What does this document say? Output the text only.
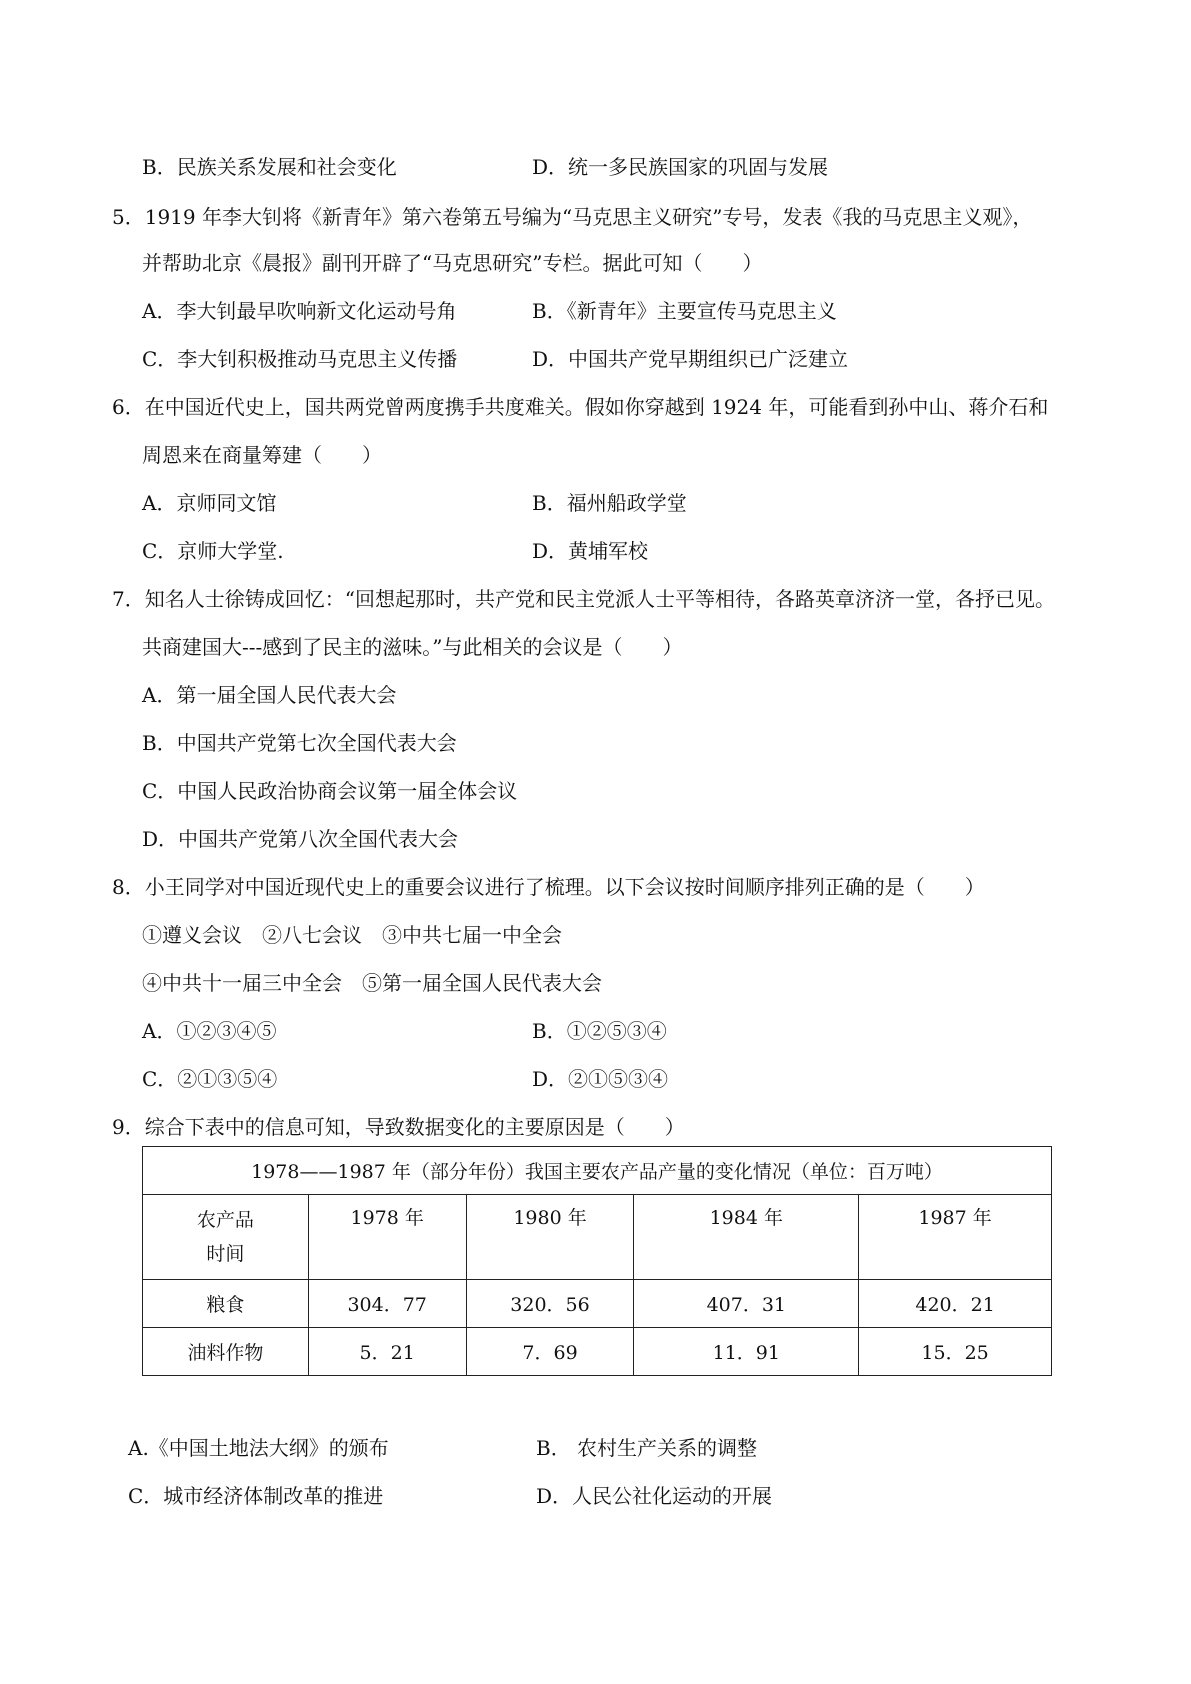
B．民族关系发展和社会变化	D．统一多民族国家的巩固与发展
5．1919 年李大钊将《新青年》第六卷第五号编为“马克思主义研究”专号，发表《我的马克思主义观》，
并帮助北京《晨报》副刊开辟了“马克思研究”专栏。据此可知（　　）
A．李大钊最早吹响新文化运动号角	B．《新青年》主要宣传马克思主义
C．李大钊积极推动马克思主义传播	D．中国共产党早期组织已广泛建立
6．在中国近代史上，国共两党曾两度携手共度难关。假如你穿越到 1924 年，可能看到孙中山、蒋介石和
周恩来在商量筹建（　　）
A．京师同文馆	B．福州船政学堂
C．京师大学堂.	D．黄埔军校
7．知名人士徐铸成回忆：“回想起那时，共产党和民主党派人士平等相待，各路英章济济一堂，各抒已见。
共商建国大---感到了民主的滋味。”与此相关的会议是（　　）
A．第一届全国人民代表大会
B．中国共产党第七次全国代表大会
C．中国人民政治协商会议第一届全体会议
D．中国共产党第八次全国代表大会
8．小王同学对中国近现代史上的重要会议进行了梳理。以下会议按时间顺序排列正确的是（　　）
①遵义会议　②八七会议　③中共七届一中全会
④中共十一届三中全会　⑤第一届全国人民代表大会
A．①②③④⑤	B．①②⑤③④
C．②①③⑤④	D．②①⑤③④
9．综合下表中的信息可知，导致数据变化的主要原因是（　　）
1978——1987 年（部分年份）我国主要农产品产量的变化情况（单位：百万吨）				

农产品
时间	1978 年	1980 年	1984 年	1987 年
粮食	304．77	320．56	407．31	420．21
油料作物	5．21	7．69	11．91	15．25
A.《中国土地法大纲》的颁布	B． 农村生产关系的调整
C．城市经济体制改革的推进	D．人民公社化运动的开展
